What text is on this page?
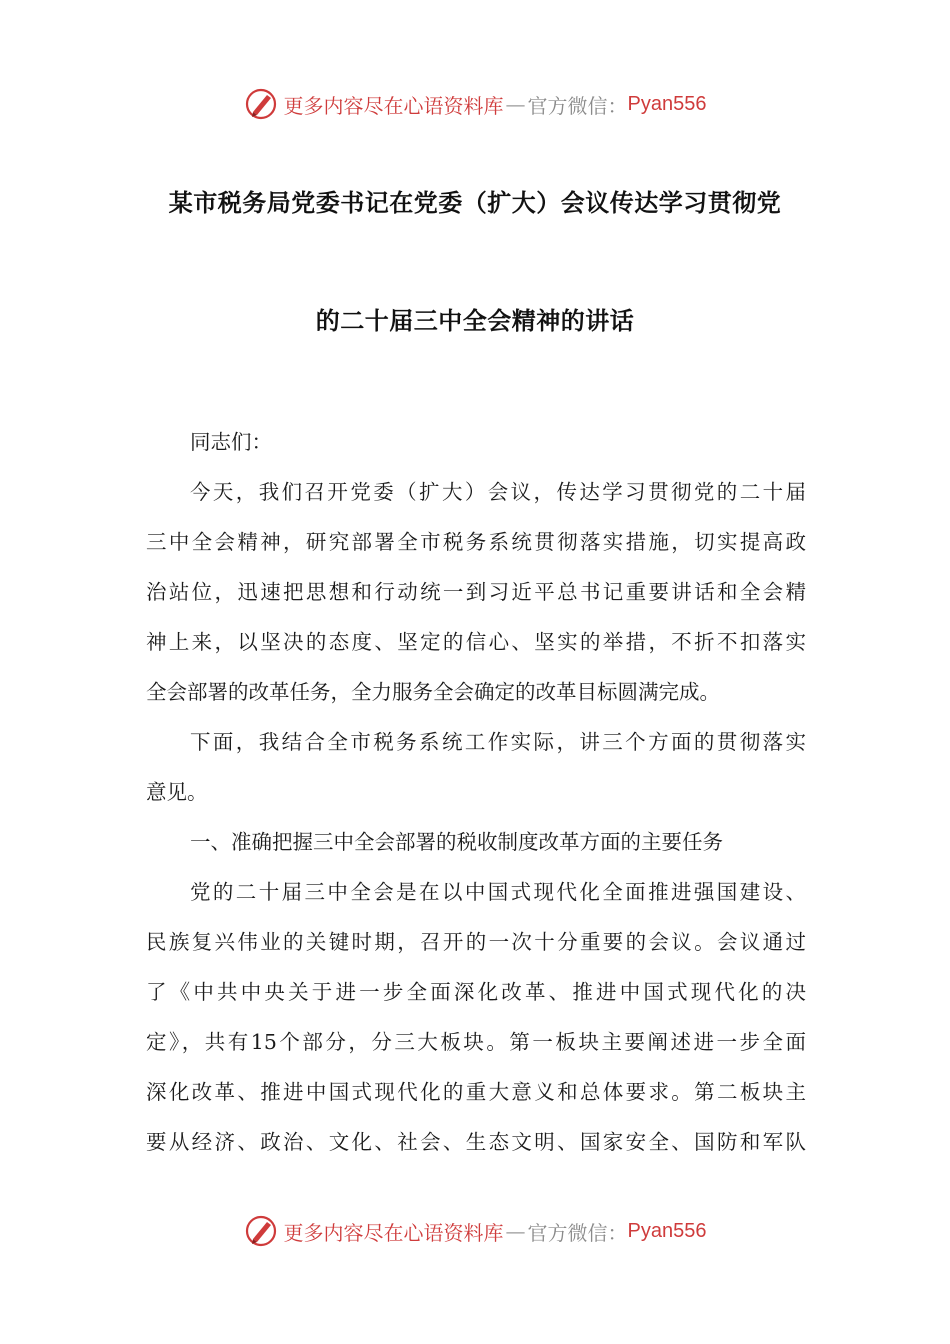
更多内容尽在心语资料库 — 官方微信： Pyan556
某市税务局党委书记在党委（扩大）会议传达学习贯彻党
的二十届三中全会精神的讲话
同志们：
今天，我们召开党委（扩大）会议，传达学习贯彻党的二十届
三中全会精神，研究部署全市税务系统贯彻落实措施，切实提高政
治站位，迅速把思想和行动统一到习近平总书记重要讲话和全会精
神上来，以坚决的态度、坚定的信心、坚实的举措，不折不扣落实
全会部署的改革任务，全力服务全会确定的改革目标圆满完成。
下面，我结合全市税务系统工作实际，讲三个方面的贯彻落实
意见。
一、准确把握三中全会部署的税收制度改革方面的主要任务
党的二十届三中全会是在以中国式现代化全面推进强国建设、
民族复兴伟业的关键时期，召开的一次十分重要的会议。会议通过
了《中共中央关于进一步全面深化改革、推进中国式现代化的决
定》，共有15个部分，分三大板块。第一板块主要阐述进一步全面
深化改革、推进中国式现代化的重大意义和总体要求。第二板块主
要从经济、政治、文化、社会、生态文明、国家安全、国防和军队
更多内容尽在心语资料库 — 官方微信： Pyan556
